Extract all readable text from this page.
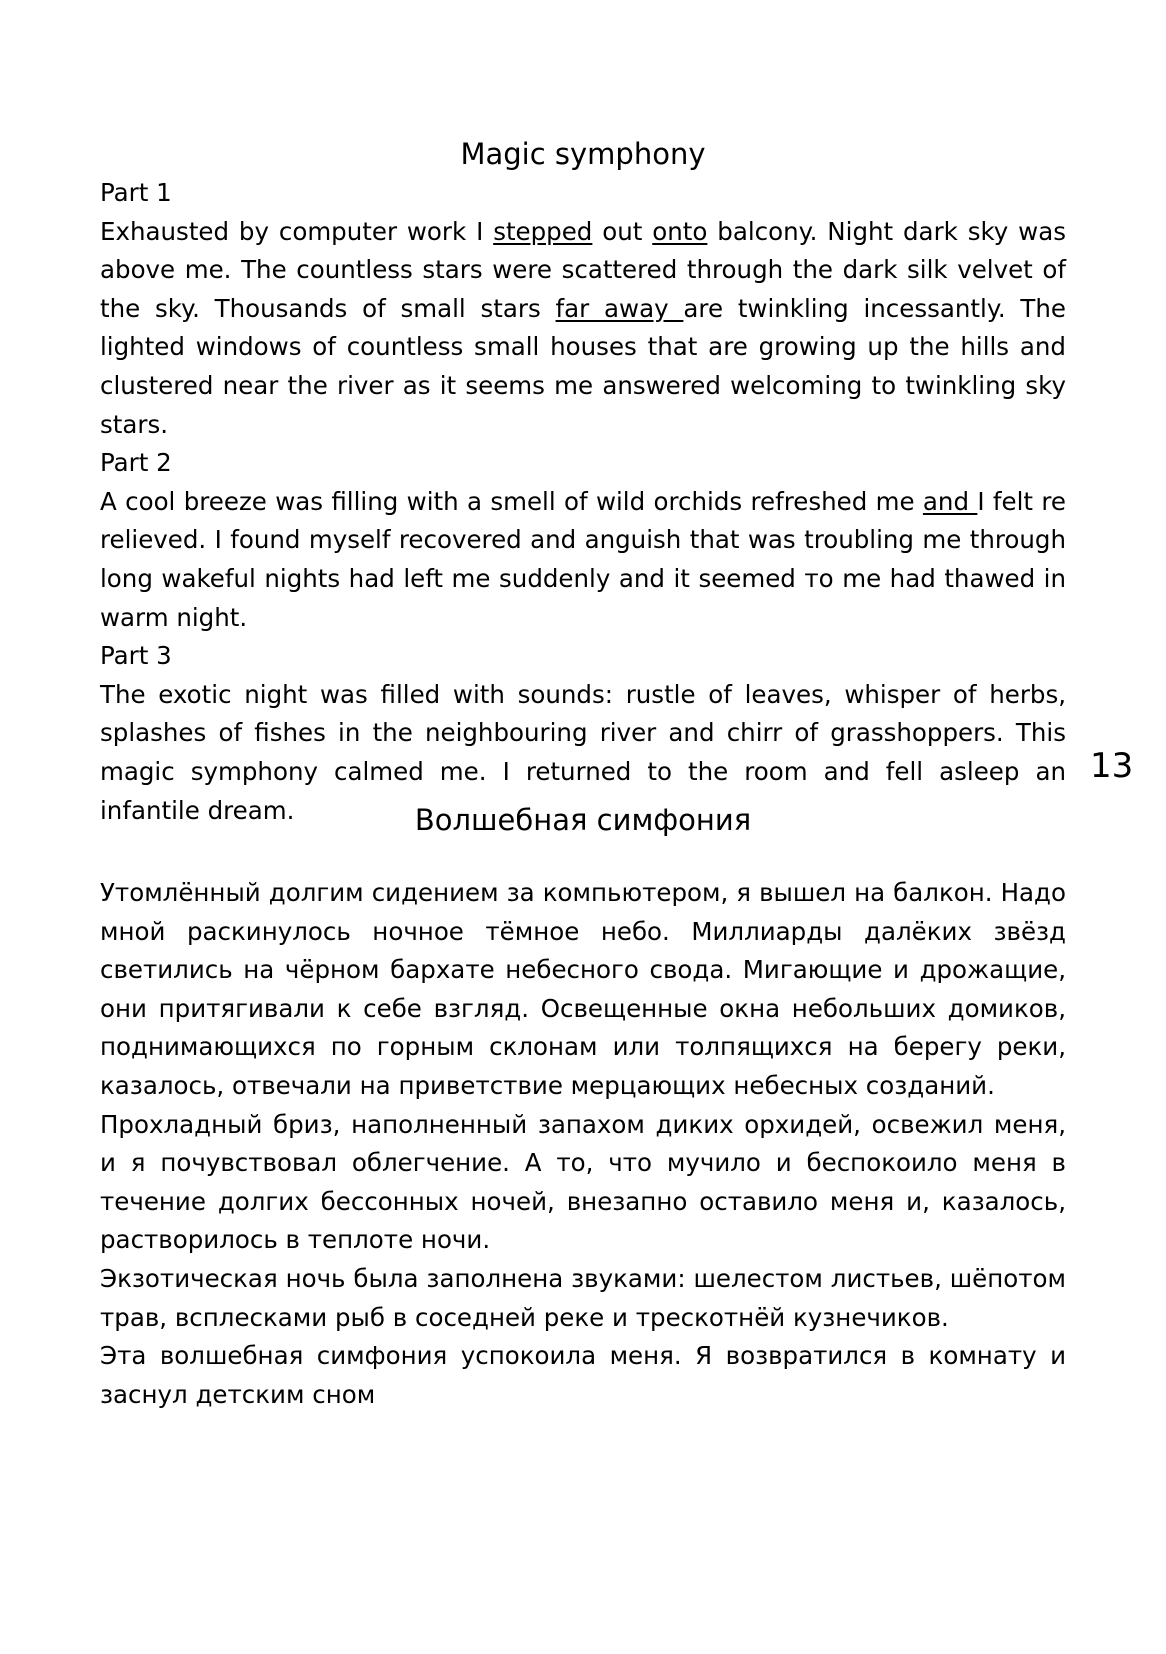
Magic symphony

Part 1

Exhausted by computer work I stepped out onto balcony. Night dark sky was above me. The countless stars were scattered through the dark silk velvet of the sky. Thousands of small stars far away are twinkling incessantly. The lighted windows of countless small houses that are growing up the hills and clustered near the river as it seems me answered welcoming to twinkling sky stars.

Part 2

A cool breeze was filling with a smell of wild orchids refreshed me and I felt re relieved. I found myself recovered and anguish that was troubling me through long wakeful nights had left me suddenly and it seemed то me had thawed in warm night.

Part 3

The exotic night was filled with sounds: rustle of leaves, whisper of herbs, splashes of fishes in the neighbouring river and chirr of grasshoppers. This magic symphony calmed me. I returned to the room and fell asleep an infantile dream.

13
Волшебная симфония

Утомлённый долгим сидением за компьютером, я вышел на балкон. Надо мной раскинулось ночное тёмное небо. Миллиарды далёких звёзд светились на чёрном бархате небесного свода. Мигающие и дрожащие, они притягивали к себе взгляд. Освещенные окна небольших домиков, поднимающихся по горным склонам или толпящихся на берегу реки, казалось, отвечали на приветствие мерцающих небесных созданий.

Прохладный бриз, наполненный запахом диких орхидей, освежил меня, и я почувствовал облегчение. А то, что мучило и беспокоило меня в течение долгих бессонных ночей, внезапно оставило меня и, казалось, растворилось в теплоте ночи.

Экзотическая ночь была заполнена звуками: шелестом листьев, шёпотом трав, всплесками рыб в соседней реке и трескотнёй кузнечиков.

Эта волшебная симфония успокоила меня. Я возвратился в комнату и заснул детским сном
